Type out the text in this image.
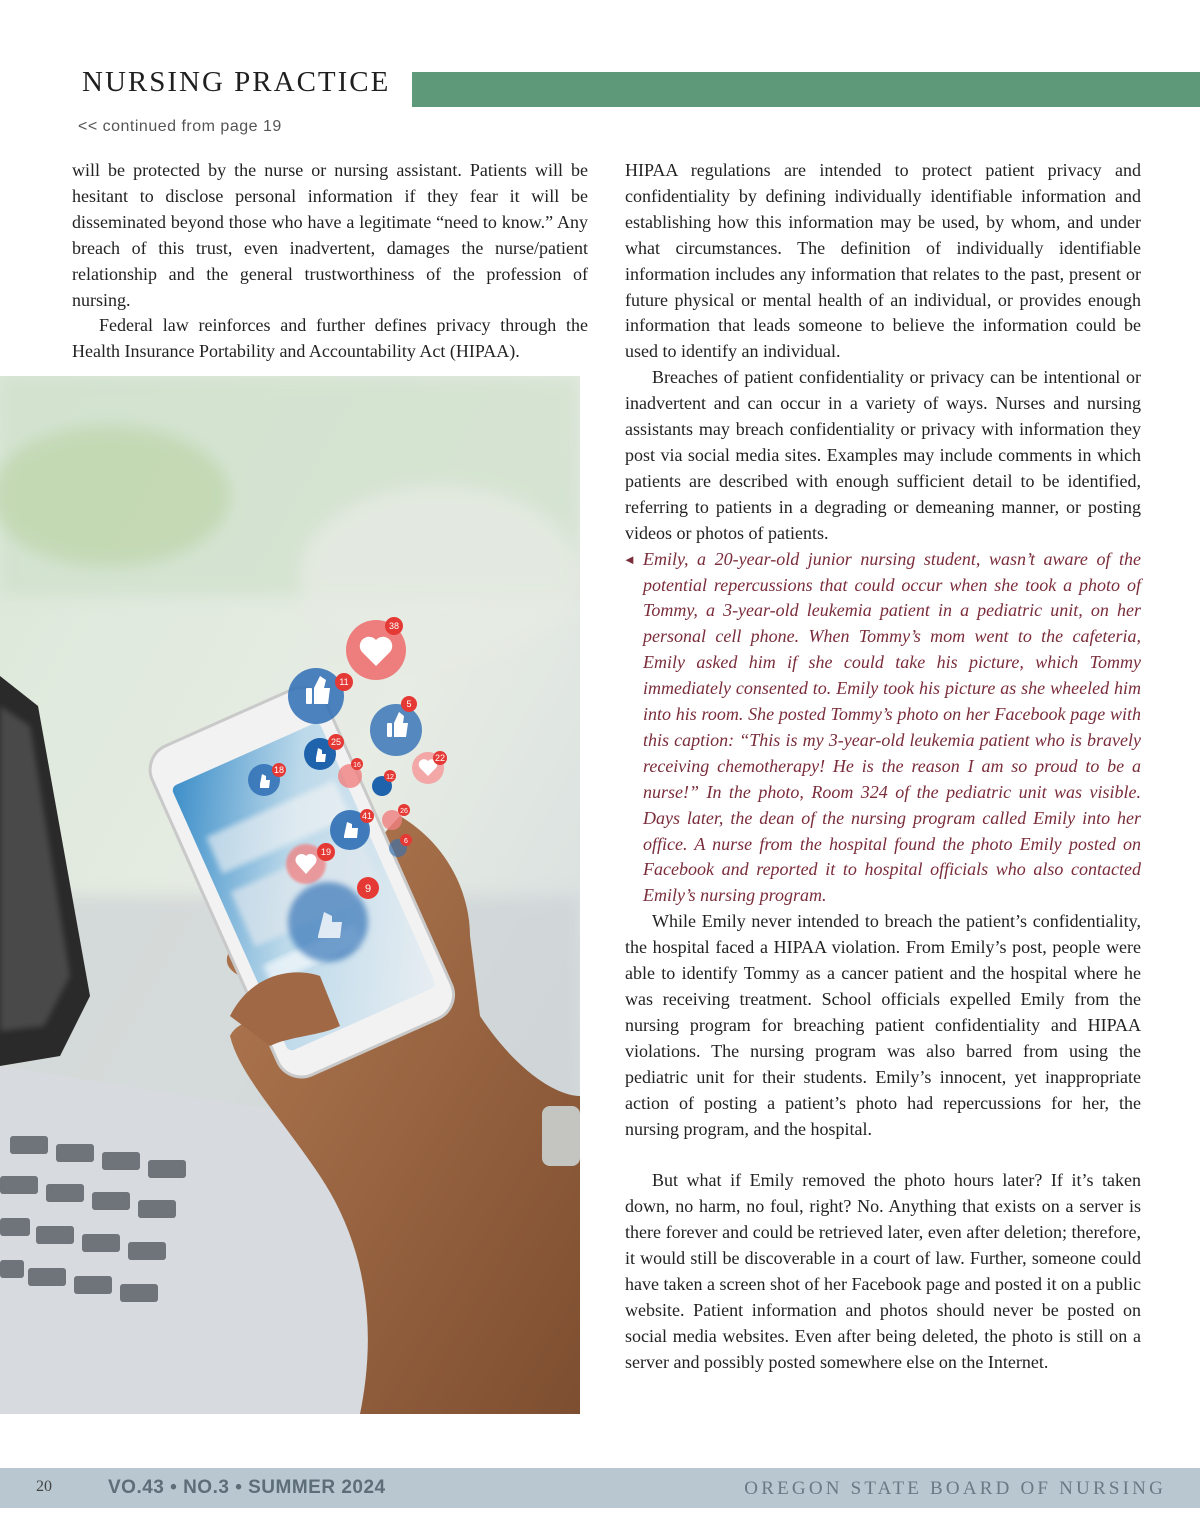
NURSING PRACTICE
<< continued from page 19

will be protected by the nurse or nursing assistant. Patients will be hesitant to disclose personal information if they fear it will be disseminated beyond those who have a legitimate “need to know.” Any breach of this trust, even inadvertent, damages the nurse/patient relationship and the general trustworthiness of the profession of nursing.

Federal law reinforces and further defines privacy through the Health Insurance Portability and Accountability Act (HIPAA).

38
11
5
25
18	16
12
22
41	26
6
19
9

HIPAA regulations are intended to protect patient privacy and confidentiality by defining individually identifiable information and establishing how this information may be used, by whom, and under what circumstances. The definition of individually identifiable information includes any information that relates to the past, present or future physical or mental health of an individual, or provides enough information that leads someone to believe the information could be used to identify an individual.

Breaches of patient confidentiality or privacy can be intentional or inadvertent and can occur in a variety of ways. Nurses and nursing assistants may breach confidentiality or privacy with information they post via social media sites. Examples may include comments in which patients are described with enough sufficient detail to be identified, referring to patients in a degrading or demeaning manner, or posting videos or photos of patients.

◄ Emily, a 20-year-old junior nursing student, wasn’t aware of the potential repercussions that could occur when she took a photo of Tommy, a 3-year-old leukemia patient in a pediatric unit, on her personal cell phone. When Tommy’s mom went to the cafeteria, Emily asked him if she could take his picture, which Tommy immediately consented to. Emily took his picture as she wheeled him into his room. She posted Tommy’s photo on her Facebook page with this caption: “This is my 3-year-old leukemia patient who is bravely receiving chemotherapy! He is the reason I am so proud to be a nurse!” In the photo, Room 324 of the pediatric unit was visible. Days later, the dean of the nursing program called Emily into her office. A nurse from the hospital found the photo Emily posted on Facebook and reported it to hospital officials who also contacted Emily’s nursing program.

While Emily never intended to breach the patient’s confidentiality, the hospital faced a HIPAA violation. From Emily’s post, people were able to identify Tommy as a cancer patient and the hospital where he was receiving treatment. School officials expelled Emily from the nursing program for breaching patient confidentiality and HIPAA violations. The nursing program was also barred from using the pediatric unit for their students. Emily’s innocent, yet inappropriate action of posting a patient’s photo had repercussions for her, the nursing program, and the hospital.

But what if Emily removed the photo hours later? If it’s taken down, no harm, no foul, right? No. Anything that exists on a server is there forever and could be retrieved later, even after deletion; therefore, it would still be discoverable in a court of law. Further, someone could have taken a screen shot of her Facebook page and posted it on a public website. Patient information and photos should never be posted on social media websites. Even after being deleted, the photo is still on a server and possibly posted somewhere else on the Internet.

20	VO.43 • NO.3 • SUMMER 2024	OREGON STATE BOARD OF NURSING
